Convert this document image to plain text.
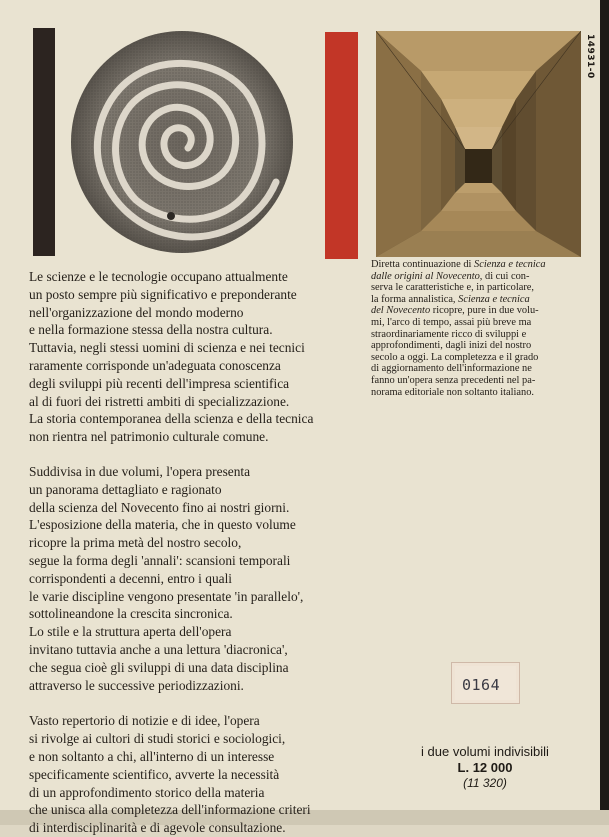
14931-0

Le scienze e le tecnologie occupano attualmente
un posto sempre più significativo e preponderante
nell'organizzazione del mondo moderno
e nella formazione stessa della nostra cultura.
Tuttavia, negli stessi uomini di scienza e nei tecnici
raramente corrisponde un'adeguata conoscenza
degli sviluppi più recenti dell'impresa scientifica
al di fuori dei ristretti ambiti di specializzazione.
La storia contemporanea della scienza e della tecnica
non rientra nel patrimonio culturale comune.

Suddivisa in due volumi, l'opera presenta
un panorama dettagliato e ragionato
della scienza del Novecento fino ai nostri giorni.
L'esposizione della materia, che in questo volume
ricopre la prima metà del nostro secolo,
segue la forma degli 'annali': scansioni temporali
corrispondenti a decenni, entro i quali
le varie discipline vengono presentate 'in parallelo',
sottolineandone la crescita sincronica.
Lo stile e la struttura aperta dell'opera
invitano tuttavia anche a una lettura 'diacronica',
che segua cioè gli sviluppi di una data disciplina
attraverso le successive periodizzazioni.

Vasto repertorio di notizie e di idee, l'opera
si rivolge ai cultori di studi storici e sociologici,
e non soltanto a chi, all'interno di un interesse
specificamente scientifico, avverte la necessità
di un approfondimento storico della materia
che unisca alla completezza dell'informazione criteri
di interdisciplinarità e di agevole consultazione.

Diretta continuazione di Scienza e tecnica
dalle origini al Novecento, di cui con-
serva le caratteristiche e, in particolare,
la forma annalistica, Scienza e tecnica
del Novecento ricopre, pure in due volu-
mi, l'arco di tempo, assai più breve ma
straordinariamente ricco di sviluppi e
approfondimenti, dagli inizi del nostro
secolo a oggi. La completezza e il grado
di aggiornamento dell'informazione ne
fanno un'opera senza precedenti nel pa-
norama editoriale non soltanto italiano.
0164
i due volumi indivisibili
L. 12 000
(11 320)
